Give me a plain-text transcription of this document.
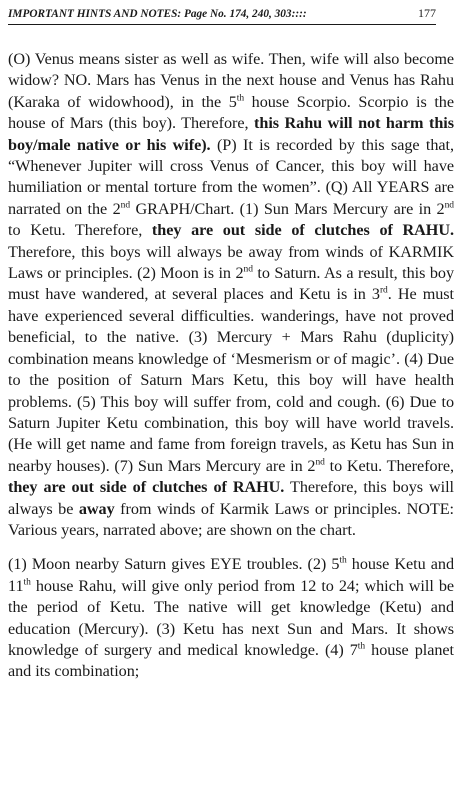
IMPORTANT HINTS AND NOTES: Page No. 174, 240, 303::::	177

(O) Venus means sister as well as wife. Then, wife will also become widow? NO. Mars has Venus in the next house and Venus has Rahu (Karaka of widowhood), in the 5th house Scorpio. Scorpio is the house of Mars (this boy). Therefore, this Rahu will not harm this boy/male native or his wife). (P) It is recorded by this sage that, “Whenever Jupiter will cross Venus of Cancer, this boy will have humiliation or mental torture from the women”. (Q) All YEARS are narrated on the 2nd GRAPH/Chart. (1) Sun Mars Mercury are in 2nd to Ketu. Therefore, they are out side of clutches of RAHU. Therefore, this boys will always be away from winds of KARMIK Laws or principles. (2) Moon is in 2nd to Saturn. As a result, this boy must have wandered, at several places and Ketu is in 3rd. He must have experienced several difficulties. wanderings, have not proved beneficial, to the native. (3) Mercury + Mars Rahu (duplicity) combination means knowledge of ‘Mesmerism or of magic’. (4) Due to the position of Saturn Mars Ketu, this boy will have health problems. (5) This boy will suffer from, cold and cough. (6) Due to Saturn Jupiter Ketu combination, this boy will have world travels. (He will get name and fame from foreign travels, as Ketu has Sun in nearby houses). (7) Sun Mars Mercury are in 2nd to Ketu. Therefore, they are out side of clutches of RAHU. Therefore, this boys will always be away from winds of Karmik Laws or principles. NOTE: Various years, narrated above; are shown on the chart.

(1) Moon nearby Saturn gives EYE troubles. (2) 5th house Ketu and 11th house Rahu, will give only period from 12 to 24; which will be the period of Ketu. The native will get knowledge (Ketu) and education (Mercury). (3) Ketu has next Sun and Mars. It shows knowledge of surgery and medical knowledge. (4) 7th house planet and its combination;
